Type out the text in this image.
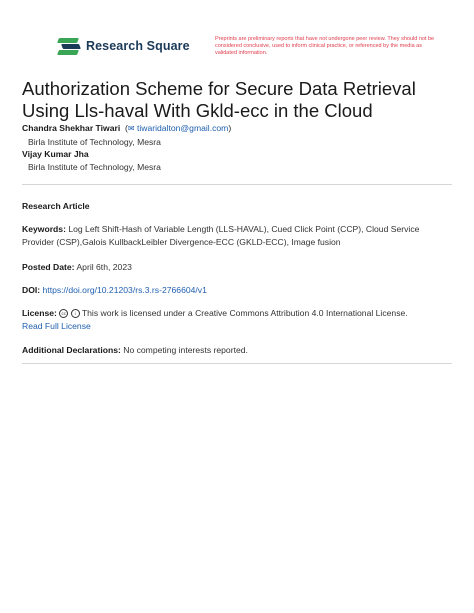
Research Square	Preprints are preliminary reports that have not undergone peer review. They should not be considered conclusive, used to inform clinical practice, or referenced by the media as validated information.
Authorization Scheme for Secure Data Retrieval Using Lls-haval With Gkld-ecc in the Cloud
Chandra Shekhar Tiwari  (✉ tiwaridalton@gmail.com)
Birla Institute of Technology, Mesra
Vijay Kumar Jha
Birla Institute of Technology, Mesra
Research Article
Keywords: Log Left Shift-Hash of Variable Length (LLS-HAVAL), Cued Click Point (CCP), Cloud Service Provider (CSP),Galois KullbackLeibler Divergence-ECC (GKLD-ECC), Image fusion
Posted Date: April 6th, 2023
DOI: https://doi.org/10.21203/rs.3.rs-2766604/v1
License: cc i This work is licensed under a Creative Commons Attribution 4.0 International License.
Read Full License
Additional Declarations: No competing interests reported.
